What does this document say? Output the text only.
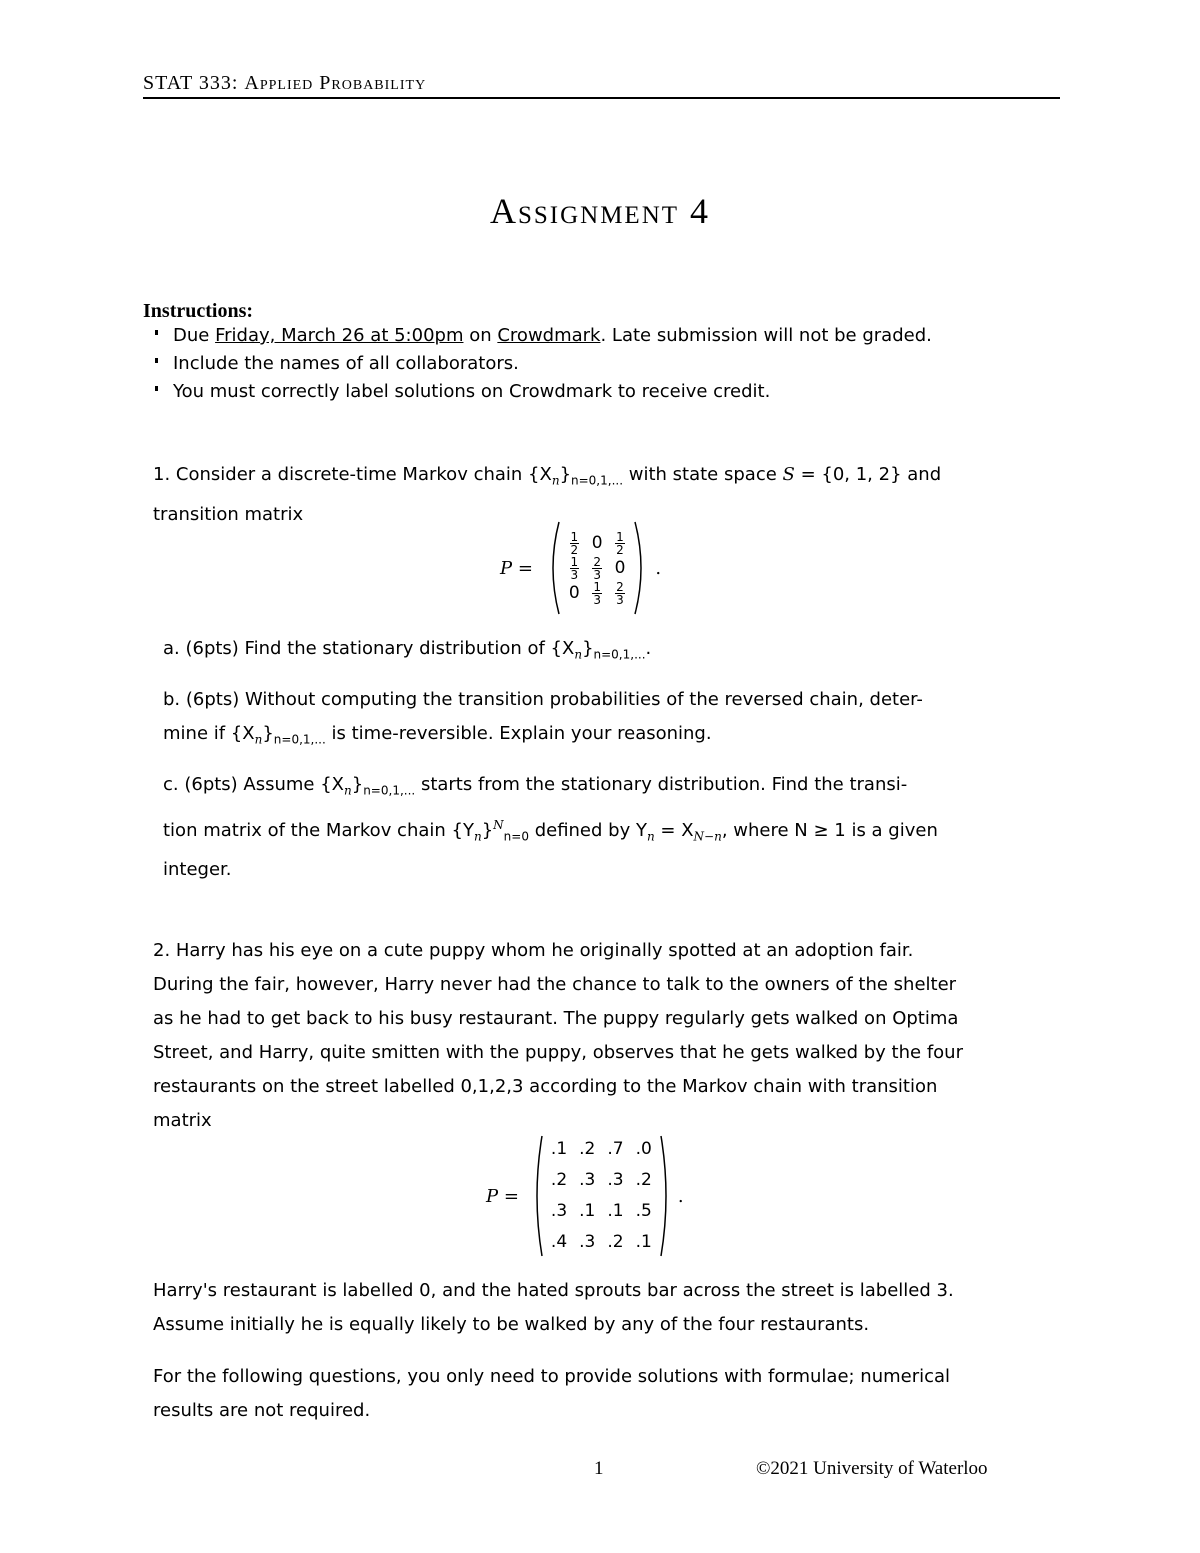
STAT 333: Applied Probability
Assignment 4
Instructions:
Due Friday, March 26 at 5:00pm on Crowdmark. Late submission will not be graded.
Include the names of all collaborators.
You must correctly label solutions on Crowdmark to receive credit.
1. Consider a discrete-time Markov chain $\{X_n\}_{n=0,1,...}$ with state space S = {0, 1, 2} and
transition matrix
P =
$\frac{1}{2}$	0	$\frac{1}{2}$

$\frac{1}{3}$	$\frac{2}{3}$	0
0	$\frac{1}{3}$	$\frac{2}{3}$
.
a. (6pts) Find the stationary distribution of $\{X_n\}_{n=0,1,...}$.
b. (6pts) Without computing the transition probabilities of the reversed chain, deter-
mine if $\{X_n\}_{n=0,1,...}$ is time-reversible. Explain your reasoning.
c. (6pts) Assume $\{X_n\}_{n=0,1,...}$ starts from the stationary distribution. Find the transi-
tion matrix of the Markov chain $\{Y_n\}^N_{n=0}$ defined by $Y_n = X_{N-n}$, where N ≥ 1 is a given
integer.
2. Harry has his eye on a cute puppy whom he originally spotted at an adoption fair.
During the fair, however, Harry never had the chance to talk to the owners of the shelter
as he had to get back to his busy restaurant. The puppy regularly gets walked on Optima
Street, and Harry, quite smitten with the puppy, observes that he gets walked by the four
restaurants on the street labelled 0,1,2,3 according to the Markov chain with transition
matrix
P =
.1	.2	.7	.0
.2	.3	.3	.2
.3	.1	.1	.5
.4	.3	.2	.1
.
Harry's restaurant is labelled 0, and the hated sprouts bar across the street is labelled 3.
Assume initially he is equally likely to be walked by any of the four restaurants.
For the following questions, you only need to provide solutions with formulae; numerical
results are not required.
1	©2021 University of Waterloo
